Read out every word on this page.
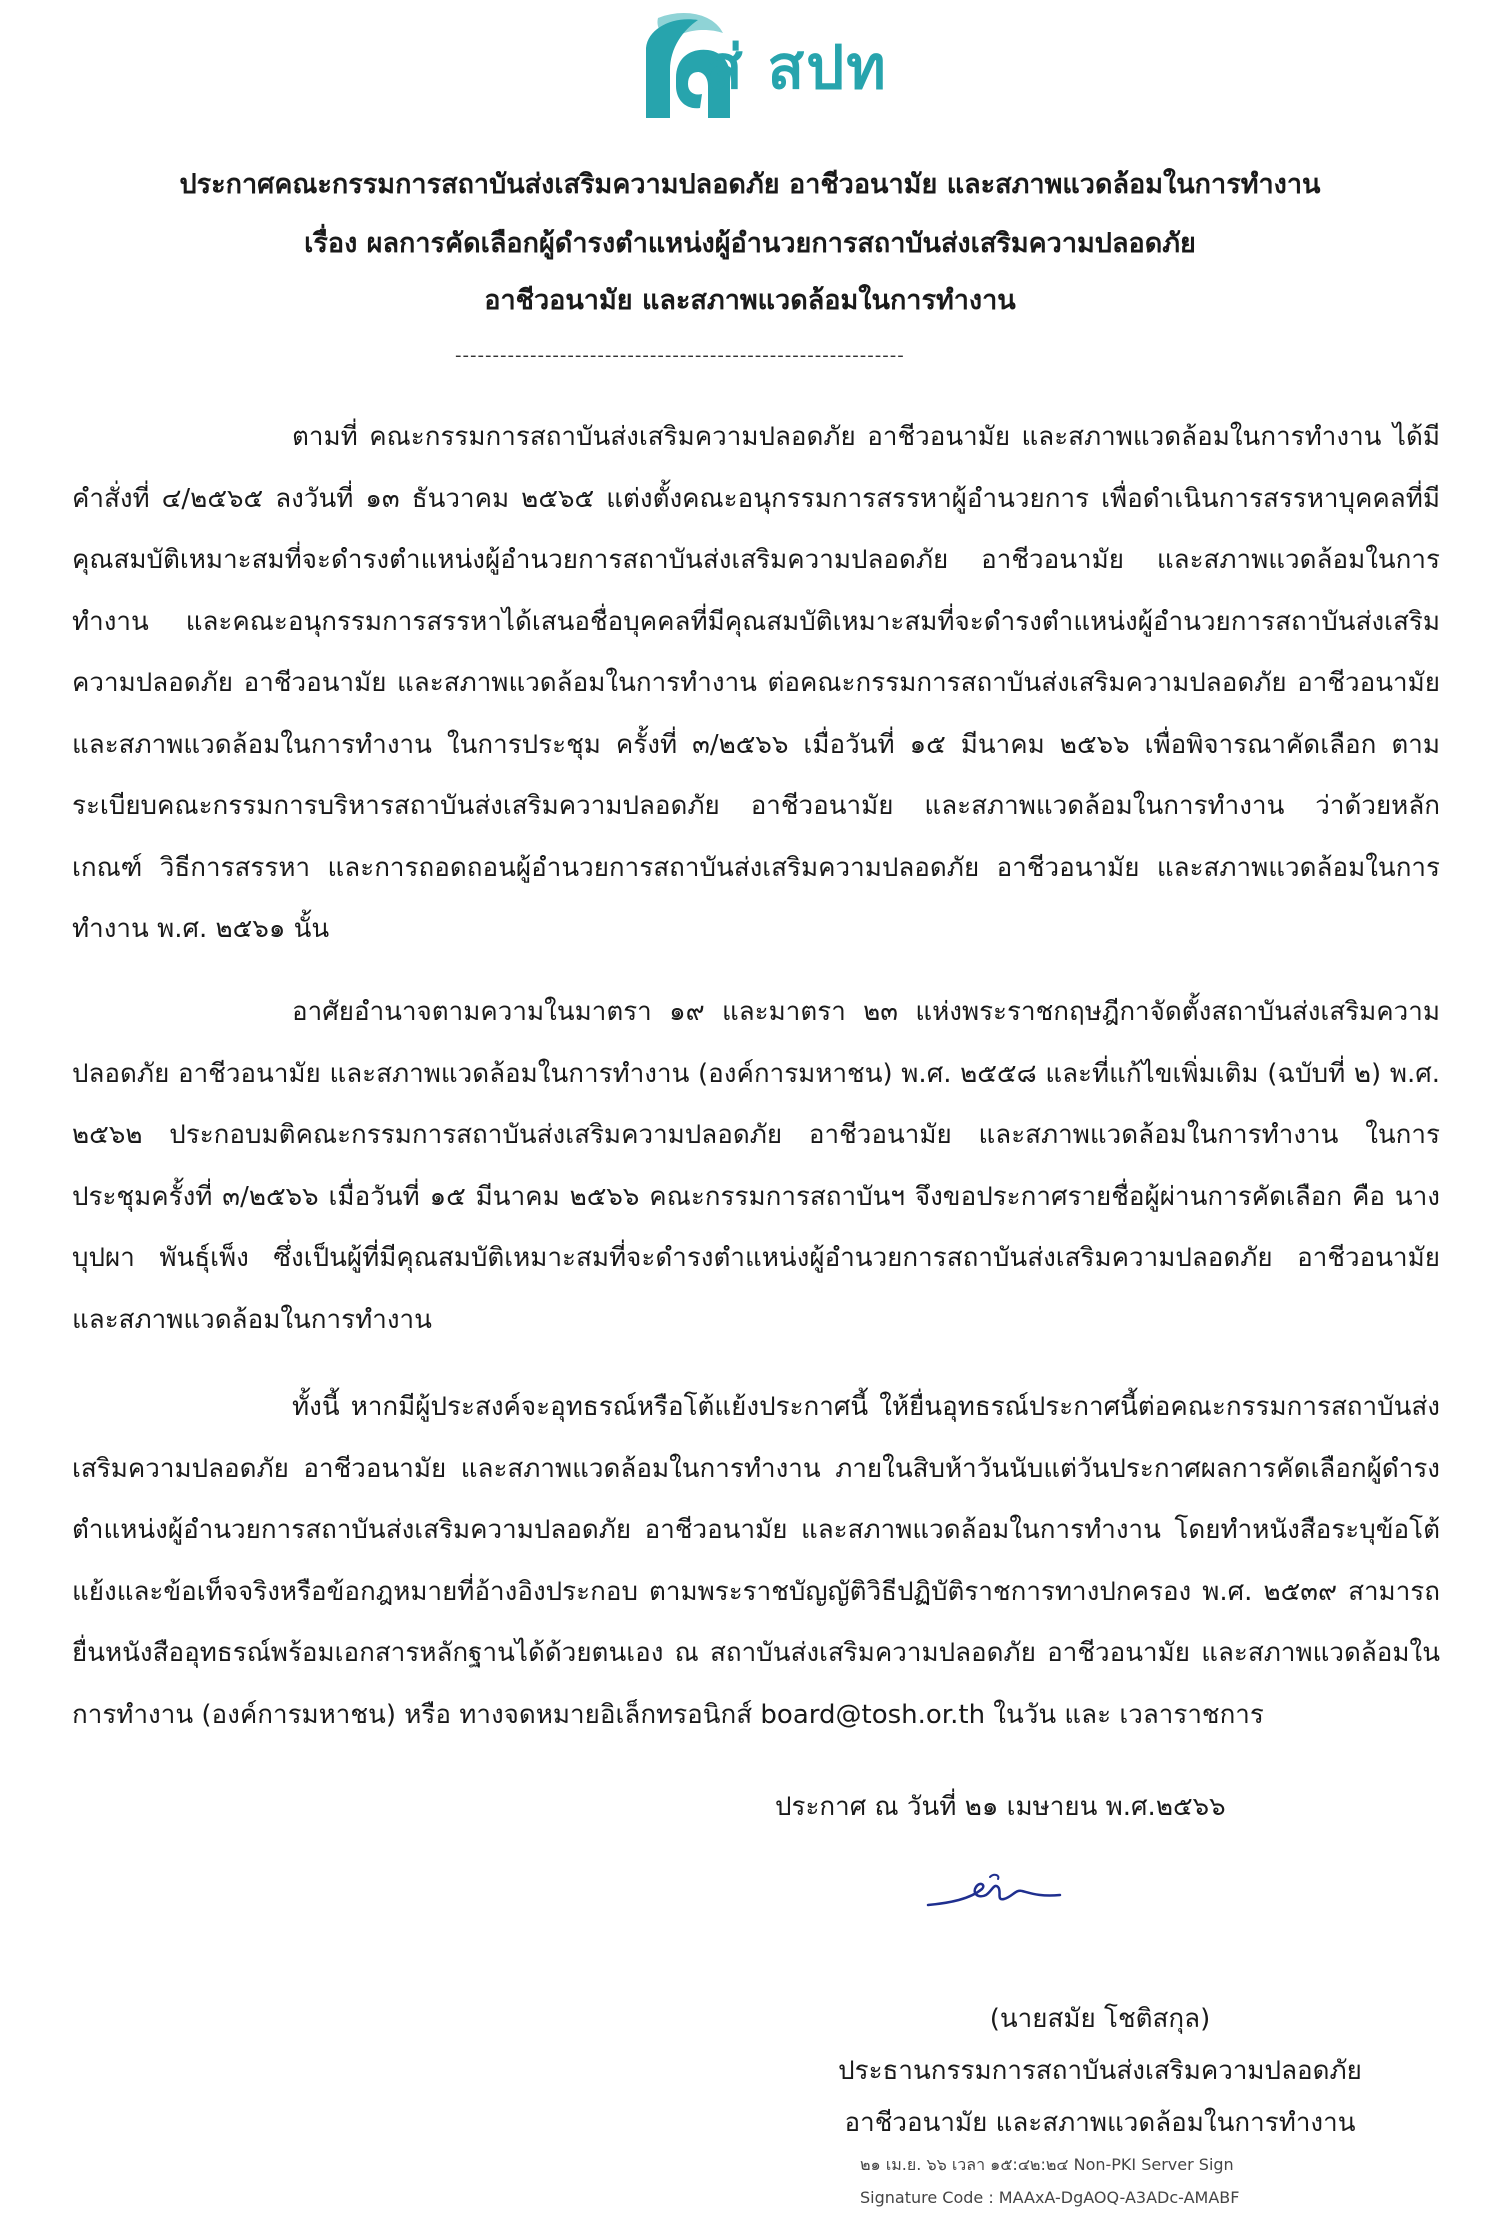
ส่ สปท
ประกาศคณะกรรมการสถาบันส่งเสริมความปลอดภัย อาชีวอนามัย และสภาพแวดล้อมในการทำงาน
เรื่อง ผลการคัดเลือกผู้ดำรงตำแหน่งผู้อำนวยการสถาบันส่งเสริมความปลอดภัย
อาชีวอนามัย และสภาพแวดล้อมในการทำงาน
------------------------------------------------------------

ตามที่ คณะกรรมการสถาบันส่งเสริมความปลอดภัย อาชีวอนามัย และสภาพแวดล้อมในการทำงาน ได้มีคำสั่งที่ ๔/๒๕๖๕ ลงวันที่ ๑๓ ธันวาคม ๒๕๖๕ แต่งตั้งคณะอนุกรรมการสรรหาผู้อำนวยการ เพื่อดำเนินการสรรหาบุคคลที่มีคุณสมบัติเหมาะสมที่จะดำรงตำแหน่งผู้อำนวยการสถาบันส่งเสริมความปลอดภัย อาชีวอนามัย และสภาพแวดล้อมในการทำงาน และคณะอนุกรรมการสรรหาได้เสนอชื่อบุคคลที่มีคุณสมบัติเหมาะสมที่จะดำรงตำแหน่งผู้อำนวยการสถาบันส่งเสริมความปลอดภัย อาชีวอนามัย และสภาพแวดล้อมในการทำงาน ต่อคณะกรรมการสถาบันส่งเสริมความปลอดภัย อาชีวอนามัย และสภาพแวดล้อมในการทำงาน ในการประชุม ครั้งที่ ๓/๒๕๖๖ เมื่อวันที่ ๑๕ มีนาคม ๒๕๖๖ เพื่อพิจารณาคัดเลือก ตามระเบียบคณะกรรมการบริหารสถาบันส่งเสริมความปลอดภัย อาชีวอนามัย และสภาพแวดล้อมในการทำงาน ว่าด้วยหลักเกณฑ์ วิธีการสรรหา และการถอดถอนผู้อำนวยการสถาบันส่งเสริมความปลอดภัย อาชีวอนามัย และสภาพแวดล้อมในการทำงาน พ.ศ. ๒๕๖๑ นั้น

อาศัยอำนาจตามความในมาตรา ๑๙ และมาตรา ๒๓ แห่งพระราชกฤษฎีกาจัดตั้งสถาบันส่งเสริมความปลอดภัย อาชีวอนามัย และสภาพแวดล้อมในการทำงาน (องค์การมหาชน) พ.ศ. ๒๕๕๘ และที่แก้ไขเพิ่มเติม (ฉบับที่ ๒) พ.ศ. ๒๕๖๒ ประกอบมติคณะกรรมการสถาบันส่งเสริมความปลอดภัย อาชีวอนามัย และสภาพแวดล้อมในการทำงาน ในการประชุมครั้งที่ ๓/๒๕๖๖ เมื่อวันที่ ๑๕ มีนาคม ๒๕๖๖ คณะกรรมการสถาบันฯ จึงขอประกาศรายชื่อผู้ผ่านการคัดเลือก คือ นางบุปผา พันธุ์เพ็ง ซึ่งเป็นผู้ที่มีคุณสมบัติเหมาะสมที่จะดำรงตำแหน่งผู้อำนวยการสถาบันส่งเสริมความปลอดภัย อาชีวอนามัย และสภาพแวดล้อมในการทำงาน

ทั้งนี้ หากมีผู้ประสงค์จะอุทธรณ์หรือโต้แย้งประกาศนี้ ให้ยื่นอุทธรณ์ประกาศนี้ต่อคณะกรรมการสถาบันส่งเสริมความปลอดภัย อาชีวอนามัย และสภาพแวดล้อมในการทำงาน ภายในสิบห้าวันนับแต่วันประกาศผลการคัดเลือกผู้ดำรงตำแหน่งผู้อำนวยการสถาบันส่งเสริมความปลอดภัย อาชีวอนามัย และสภาพแวดล้อมในการทำงาน โดยทำหนังสือระบุข้อโต้แย้งและข้อเท็จจริงหรือข้อกฎหมายที่อ้างอิงประกอบ ตามพระราชบัญญัติวิธีปฏิบัติราชการทางปกครอง พ.ศ. ๒๕๓๙ สามารถยื่นหนังสืออุทธรณ์พร้อมเอกสารหลักฐานได้ด้วยตนเอง ณ สถาบันส่งเสริมความปลอดภัย อาชีวอนามัย และสภาพแวดล้อมในการทำงาน (องค์การมหาชน) หรือ ทางจดหมายอิเล็กทรอนิกส์ board@tosh.or.th ในวัน และ เวลาราชการ

ประกาศ ณ วันที่ ๒๑ เมษายน พ.ศ.๒๕๖๖
(นายสมัย โชติสกุล)
ประธานกรรมการสถาบันส่งเสริมความปลอดภัย
อาชีวอนามัย และสภาพแวดล้อมในการทำงาน
๒๑ เม.ย. ๖๖ เวลา ๑๕:๔๒:๒๔ Non-PKI Server Sign
Signature Code : MAAxA-DgAOQ-A3ADc-AMABF
